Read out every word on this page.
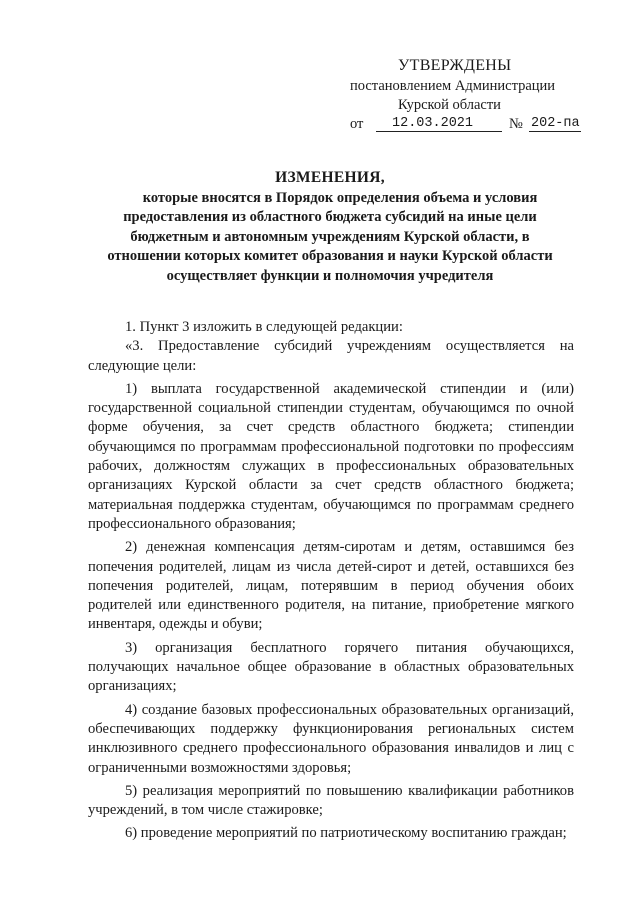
УТВЕРЖДЕНЫ
постановлением Администрации
Курской области
от 12.03.2021 № 202-па
ИЗМЕНЕНИЯ,
которые вносятся в Порядок определения объема и условия
предоставления из областного бюджета субсидий на иные цели
бюджетным и автономным учреждениям Курской области, в
отношении которых комитет образования и науки Курской области
осуществляет функции и полномочия учредителя

1. Пункт 3 изложить в следующей редакции:

«3. Предоставление субсидий учреждениям осуществляется на следующие цели:

1) выплата государственной академической стипендии и (или) государственной социальной стипендии студентам, обучающимся по очной форме обучения, за счет средств областного бюджета; стипендии обучающимся по программам профессиональной подготовки по профессиям рабочих, должностям служащих в профессиональных образовательных организациях Курской области за счет средств областного бюджета; материальная поддержка студентам, обучающимся по программам среднего профессионального образования;

2) денежная компенсация детям-сиротам и детям, оставшимся без попечения родителей, лицам из числа детей-сирот и детей, оставшихся без попечения родителей, лицам, потерявшим в период обучения обоих родителей или единственного родителя, на питание, приобретение мягкого инвентаря, одежды и обуви;

3) организация бесплатного горячего питания обучающихся, получающих начальное общее образование в областных образовательных организациях;

4) создание базовых профессиональных образовательных организаций, обеспечивающих поддержку функционирования региональных систем инклюзивного среднего профессионального образования инвалидов и лиц с ограниченными возможностями здоровья;

5) реализация мероприятий по повышению квалификации работников учреждений, в том числе стажировке;

6) проведение мероприятий по патриотическому воспитанию граждан;
